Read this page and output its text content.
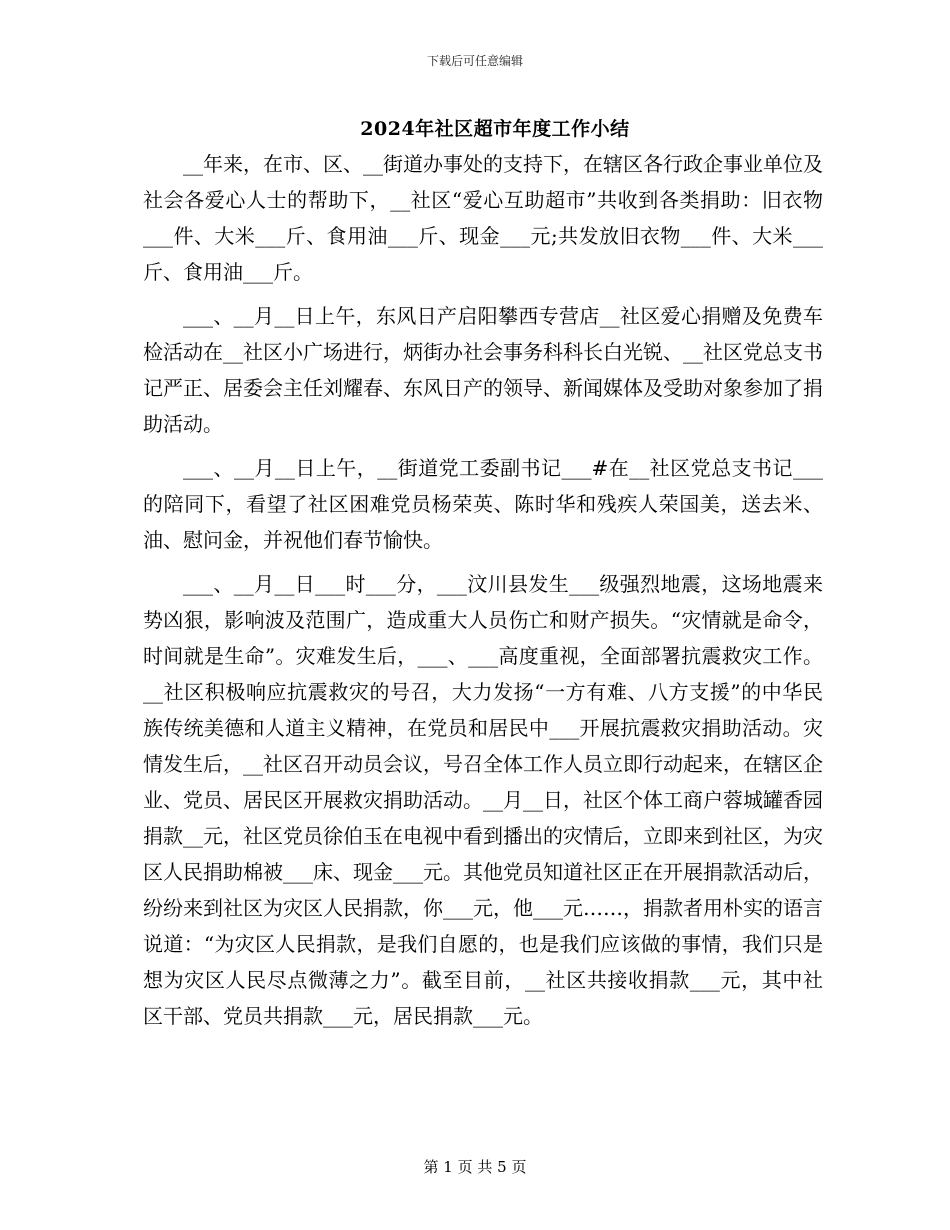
下载后可任意编辑
2024年社区超市年度工作小结

__年来，在市、区、__街道办事处的支持下，在辖区各行政企事业单位及社会各爱心人士的帮助下，__社区“爱心互助超市”共收到各类捐助：旧衣物___件、大米___斤、食用油___斤、现金___元;共发放旧衣物___件、大米___斤、食用油___斤。

___、__月__日上午，东风日产启阳攀西专营店__社区爱心捐赠及免费车检活动在__社区小广场进行，炳街办社会事务科科长白光锐、__社区党总支书记严正、居委会主任刘耀春、东风日产的领导、新闻媒体及受助对象参加了捐助活动。

___、__月__日上午，__街道党工委副书记___#在__社区党总支书记___的陪同下，看望了社区困难党员杨荣英、陈时华和残疾人荣国美，送去米、油、慰问金，并祝他们春节愉快。

___、__月__日___时___分，___汶川县发生___级强烈地震，这场地震来势凶狠，影响波及范围广，造成重大人员伤亡和财产损失。“灾情就是命令，时间就是生命”。灾难发生后，___、___高度重视，全面部署抗震救灾工作。__社区积极响应抗震救灾的号召，大力发扬“一方有难、八方支援”的中华民族传统美德和人道主义精神，在党员和居民中___开展抗震救灾捐助活动。灾情发生后，__社区召开动员会议，号召全体工作人员立即行动起来，在辖区企业、党员、居民区开展救灾捐助活动。__月__日，社区个体工商户蓉城罐香园捐款__元，社区党员徐伯玉在电视中看到播出的灾情后，立即来到社区，为灾区人民捐助棉被___床、现金___元。其他党员知道社区正在开展捐款活动后，纷纷来到社区为灾区人民捐款，你___元，他___元……，捐款者用朴实的语言说道：“为灾区人民捐款，是我们自愿的，也是我们应该做的事情，我们只是想为灾区人民尽点微薄之力”。截至目前，__社区共接收捐款___元，其中社区干部、党员共捐款___元，居民捐款___元。

第 1 页 共 5 页
